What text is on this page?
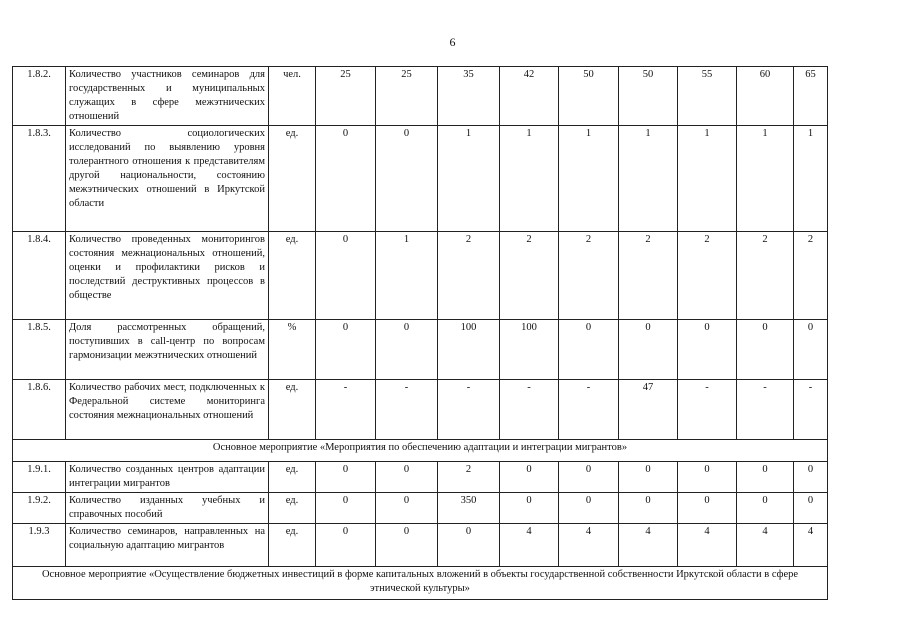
6
1.8.2.	Количество участников семинаров для государственных и муниципальных служащих в сфере межэтнических отношений	чел.	25	25	35	42	50	50	55	60	65
1.8.3.	Количество социологических исследований по выявлению уровня толерантного отношения к представителям другой национальности, состоянию межэтнических отношений в Иркутской области	ед.	0	0	1	1	1	1	1	1	1
1.8.4.	Количество проведенных мониторингов состояния межнациональных отношений, оценки и профилактики рисков и последствий деструктивных процессов в обществе	ед.	0	1	2	2	2	2	2	2	2
1.8.5.	Доля рассмотренных обращений, поступивших в call-центр по вопросам гармонизации межэтнических отношений	%	0	0	100	100	0	0	0	0	0
1.8.6.	Количество рабочих мест, подключенных к Федеральной системе мониторинга состояния межнациональных отношений	ед.	-	-	-	-	-	47	-	-	-
Основное мероприятие «Мероприятия по обеспечению адаптации и интеграции мигрантов»											
1.9.1.	Количество созданных центров адаптации интеграции мигрантов	ед.	0	0	2	0	0	0	0	0	0
1.9.2.	Количество изданных учебных и справочных пособий	ед.	0	0	350	0	0	0	0	0	0
1.9.3	Количество семинаров, направленных на социальную адаптацию мигрантов	ед.	0	0	0	4	4	4	4	4	4
Основное мероприятие «Осуществление бюджетных инвестиций в форме капитальных вложений в объекты государственной собственности Иркутской области в сфере этнической культуры»											
